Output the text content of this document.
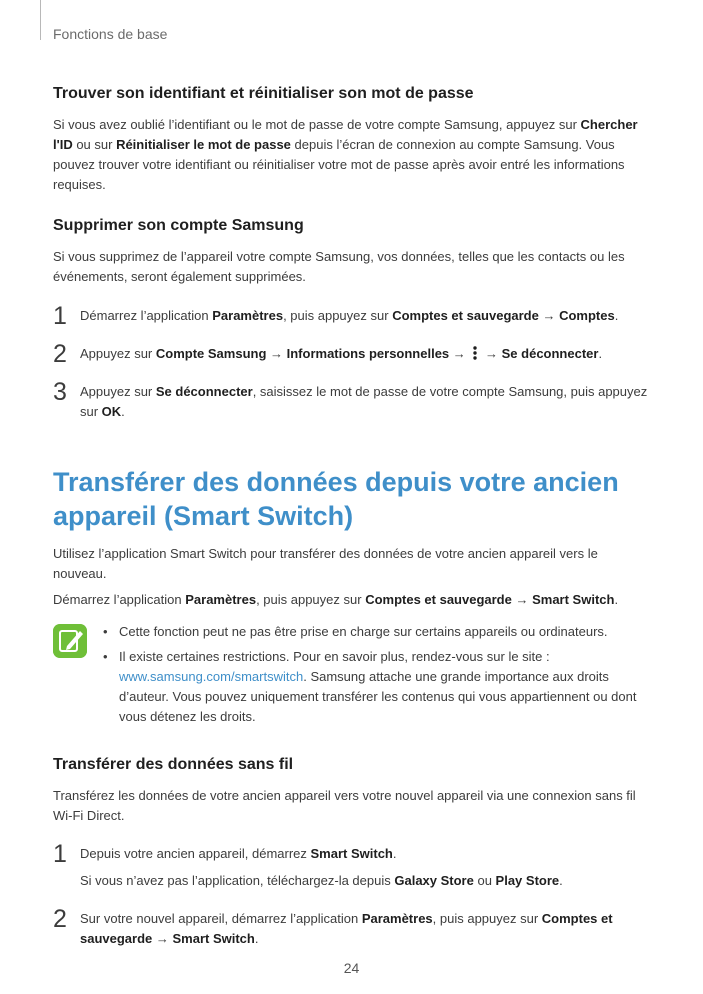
Fonctions de base
Trouver son identifiant et réinitialiser son mot de passe

Si vous avez oublié l’identifiant ou le mot de passe de votre compte Samsung, appuyez sur Chercher l'ID ou sur Réinitialiser le mot de passe depuis l’écran de connexion au compte Samsung. Vous pouvez trouver votre identifiant ou réinitialiser votre mot de passe après avoir entré les informations requises.

Supprimer son compte Samsung

Si vous supprimez de l’appareil votre compte Samsung, vos données, telles que les contacts ou les événements, seront également supprimées.

1 Démarrez l’application Paramètres, puis appuyez sur Comptes et sauvegarde → Comptes.
2 Appuyez sur Compte Samsung → Informations personnelles →  → Se déconnecter.
3 Appuyez sur Se déconnecter, saisissez le mot de passe de votre compte Samsung, puis appuyez sur OK.
Transférer des données depuis votre ancien appareil (Smart Switch)

Utilisez l’application Smart Switch pour transférer des données de votre ancien appareil vers le nouveau.

Démarrez l’application Paramètres, puis appuyez sur Comptes et sauvegarde → Smart Switch.

• Cette fonction peut ne pas être prise en charge sur certains appareils ou ordinateurs.
• Il existe certaines restrictions. Pour en savoir plus, rendez-vous sur le site : www.samsung.com/smartswitch. Samsung attache une grande importance aux droits d’auteur. Vous pouvez uniquement transférer les contenus qui vous appartiennent ou dont vous détenez les droits.
Transférer des données sans fil

Transférez les données de votre ancien appareil vers votre nouvel appareil via une connexion sans fil Wi-Fi Direct.

1 Depuis votre ancien appareil, démarrez Smart Switch.
Si vous n’avez pas l’application, téléchargez-la depuis Galaxy Store ou Play Store.
2 Sur votre nouvel appareil, démarrez l’application Paramètres, puis appuyez sur Comptes et sauvegarde → Smart Switch.
24
